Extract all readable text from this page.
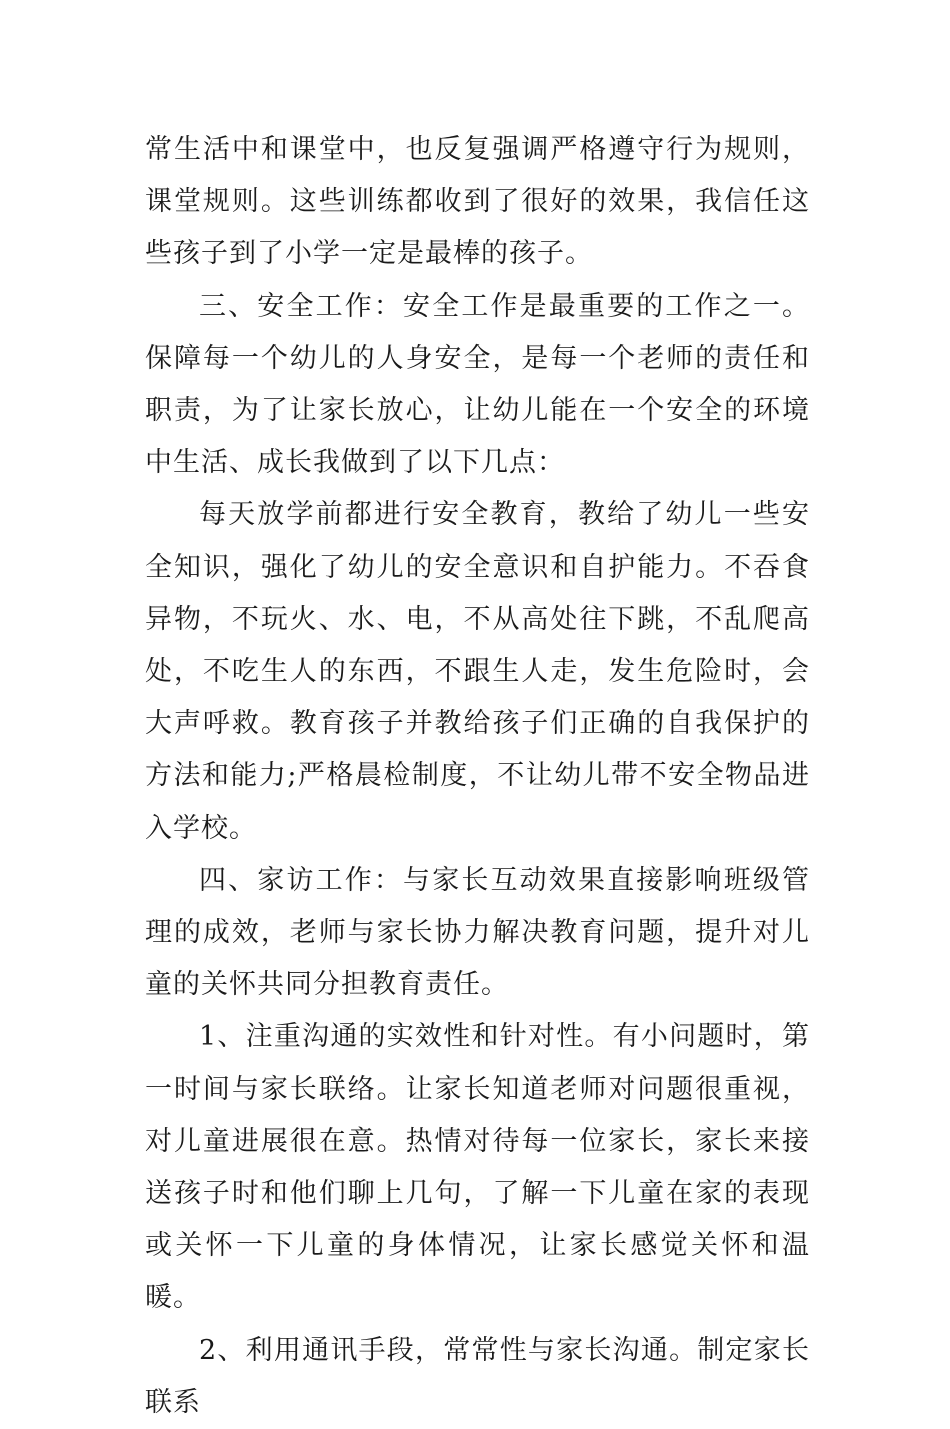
常生活中和课堂中，也反复强调严格遵守行为规则，课堂规则。这些训练都收到了很好的效果，我信任这些孩子到了小学一定是最棒的孩子。

三、安全工作：安全工作是最重要的工作之一。保障每一个幼儿的人身安全，是每一个老师的责任和职责，为了让家长放心，让幼儿能在一个安全的环境中生活、成长我做到了以下几点：

每天放学前都进行安全教育，教给了幼儿一些安全知识，强化了幼儿的安全意识和自护能力。不吞食异物，不玩火、水、电，不从高处往下跳，不乱爬高处，不吃生人的东西，不跟生人走，发生危险时，会大声呼救。教育孩子并教给孩子们正确的自我保护的方法和能力;严格晨检制度，不让幼儿带不安全物品进入学校。

四、家访工作：与家长互动效果直接影响班级管理的成效，老师与家长协力解决教育问题，提升对儿童的关怀共同分担教育责任。

1、注重沟通的实效性和针对性。有小问题时，第一时间与家长联络。让家长知道老师对问题很重视，对儿童进展很在意。热情对待每一位家长，家长来接送孩子时和他们聊上几句，了解一下儿童在家的表现或关怀一下儿童的身体情况，让家长感觉关怀和温暖。

2、利用通讯手段，常常性与家长沟通。制定家长联系
